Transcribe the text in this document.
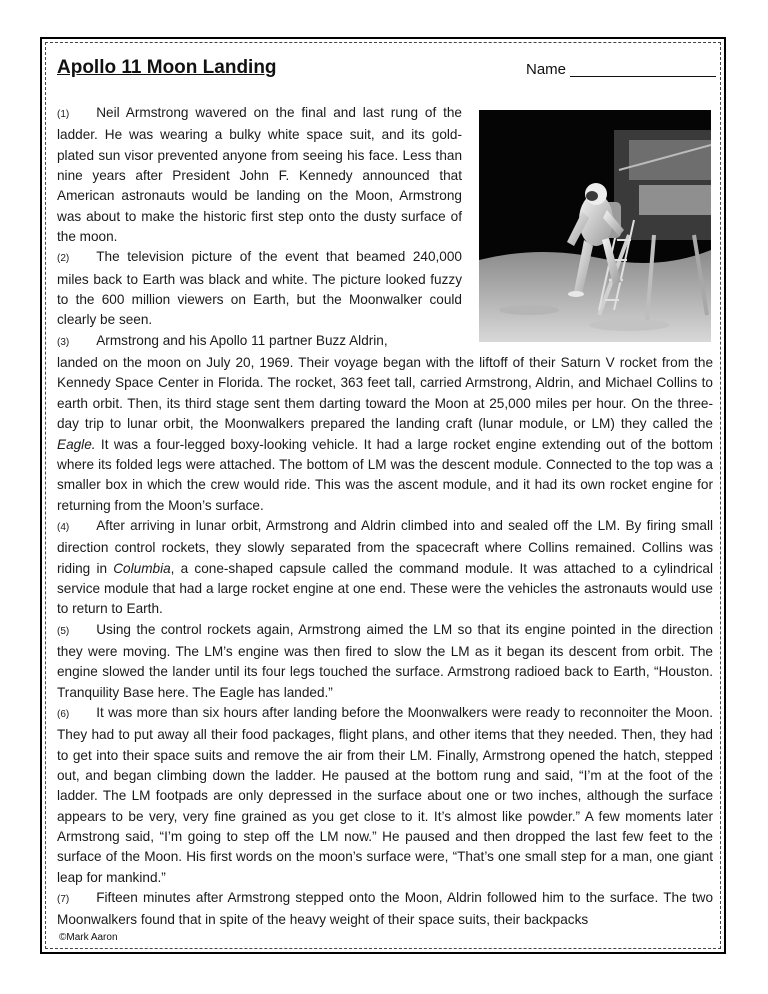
Apollo 11 Moon Landing	Name

(1) Neil Armstrong wavered on the final and last rung of the ladder. He was wearing a bulky white space suit, and its gold-plated sun visor prevented anyone from seeing his face. Less than nine years after President John F. Kennedy announced that American astronauts would be landing on the Moon, Armstrong was about to make the historic first step onto the dusty surface of the moon.

(2) The television picture of the event that beamed 240,000 miles back to Earth was black and white. The picture looked fuzzy to the 600 million viewers on Earth, but the Moonwalker could clearly be seen.

(3) Armstrong and his Apollo 11 partner Buzz Aldrin,

landed on the moon on July 20, 1969. Their voyage began with the liftoff of their Saturn V rocket from the Kennedy Space Center in Florida. The rocket, 363 feet tall, carried Armstrong, Aldrin, and Michael Collins to earth orbit. Then, its third stage sent them darting toward the Moon at 25,000 miles per hour. On the three-day trip to lunar orbit, the Moonwalkers prepared the landing craft (lunar module, or LM) they called the Eagle. It was a four-legged boxy-looking vehicle. It had a large rocket engine extending out of the bottom where its folded legs were attached. The bottom of LM was the descent module. Connected to the top was a smaller box in which the crew would ride. This was the ascent module, and it had its own rocket engine for returning from the Moon’s surface.

(4) After arriving in lunar orbit, Armstrong and Aldrin climbed into and sealed off the LM. By firing small direction control rockets, they slowly separated from the spacecraft where Collins remained. Collins was riding in Columbia, a cone-shaped capsule called the command module. It was attached to a cylindrical service module that had a large rocket engine at one end. These were the vehicles the astronauts would use to return to Earth.

(5) Using the control rockets again, Armstrong aimed the LM so that its engine pointed in the direction they were moving. The LM’s engine was then fired to slow the LM as it began its descent from orbit. The engine slowed the lander until its four legs touched the surface. Armstrong radioed back to Earth, “Houston. Tranquility Base here. The Eagle has landed.”

(6) It was more than six hours after landing before the Moonwalkers were ready to reconnoiter the Moon. They had to put away all their food packages, flight plans, and other items that they needed. Then, they had to get into their space suits and remove the air from their LM. Finally, Armstrong opened the hatch, stepped out, and began climbing down the ladder. He paused at the bottom rung and said, “I’m at the foot of the ladder. The LM footpads are only depressed in the surface about one or two inches, although the surface appears to be very, very fine grained as you get close to it. It’s almost like powder.” A few moments later Armstrong said, “I’m going to step off the LM now.” He paused and then dropped the last few feet to the surface of the Moon. His first words on the moon’s surface were, “That’s one small step for a man, one giant leap for mankind.”

(7) Fifteen minutes after Armstrong stepped onto the Moon, Aldrin followed him to the surface. The two Moonwalkers found that in spite of the heavy weight of their space suits, their backpacks

©Mark Aaron
